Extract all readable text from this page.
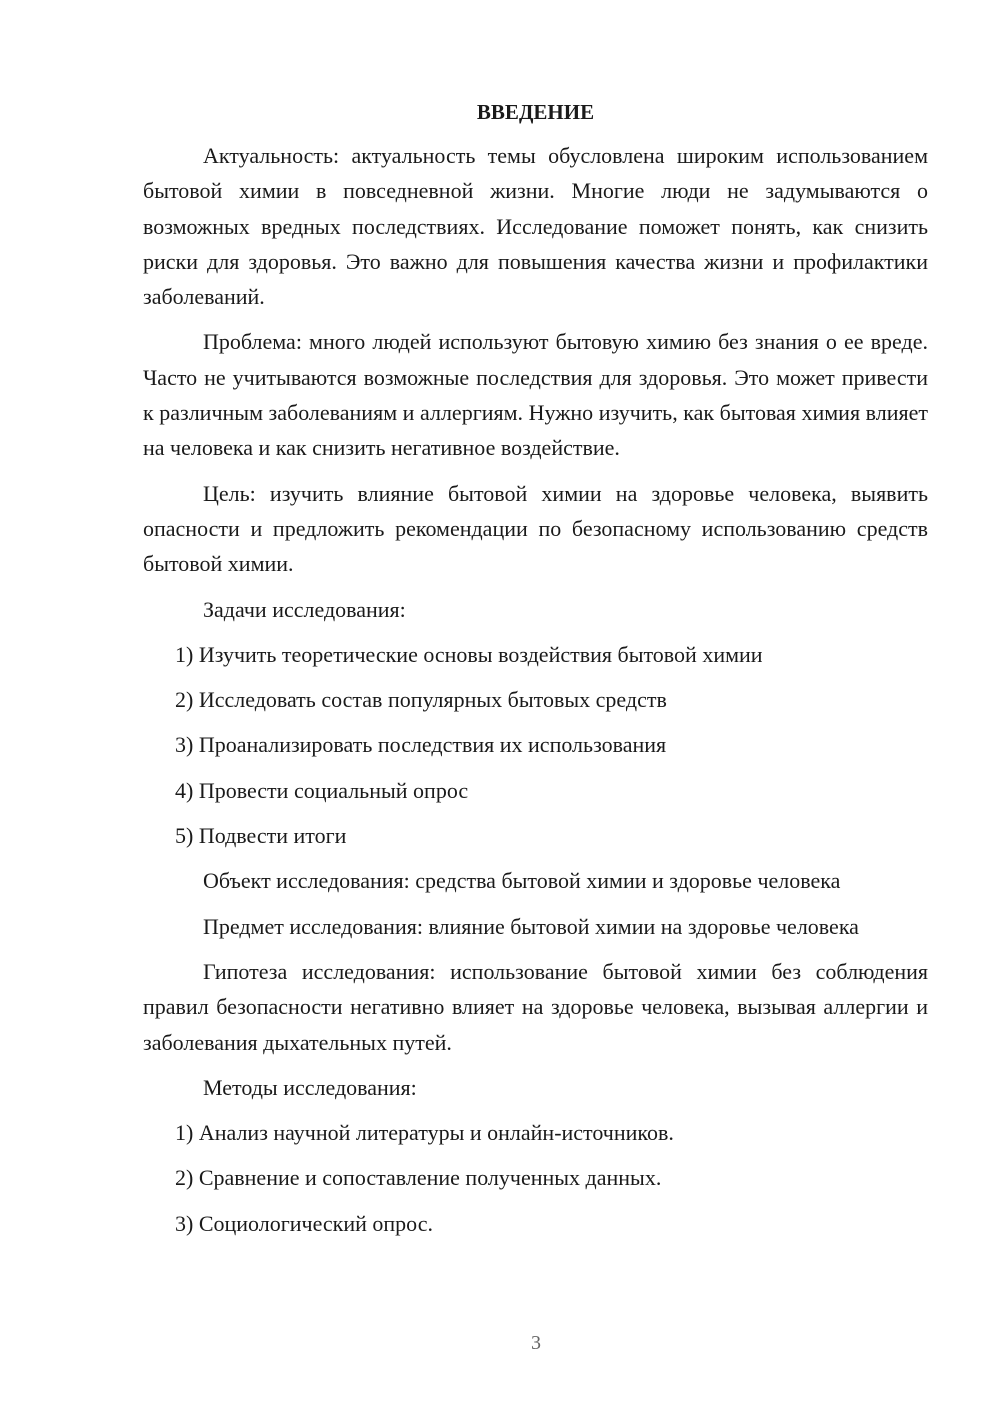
ВВЕДЕНИЕ

Актуальность: актуальность темы обусловлена широким использованием бытовой химии в повседневной жизни. Многие люди не задумываются о возможных вредных последствиях. Исследование поможет понять, как снизить риски для здоровья. Это важно для повышения качества жизни и профилактики заболеваний.

Проблема: много людей используют бытовую химию без знания о ее вреде. Часто не учитываются возможные последствия для здоровья. Это может привести к различным заболеваниям и аллергиям. Нужно изучить, как бытовая химия влияет на человека и как снизить негативное воздействие.

Цель: изучить влияние бытовой химии на здоровье человека, выявить опасности и предложить рекомендации по безопасному использованию средств бытовой химии.

Задачи исследования:

1) Изучить теоретические основы воздействия бытовой химии
2) Исследовать состав популярных бытовых средств
3) Проанализировать последствия их использования
4) Провести социальный опрос
5) Подвести итоги

Объект исследования: средства бытовой химии и здоровье человека

Предмет исследования: влияние бытовой химии на здоровье человека

Гипотеза исследования: использование бытовой химии без соблюдения правил безопасности негативно влияет на здоровье человека, вызывая аллергии и заболевания дыхательных путей.

Методы исследования:

1) Анализ научной литературы и онлайн-источников.
2) Сравнение и сопоставление полученных данных.
3) Социологический опрос.
3
